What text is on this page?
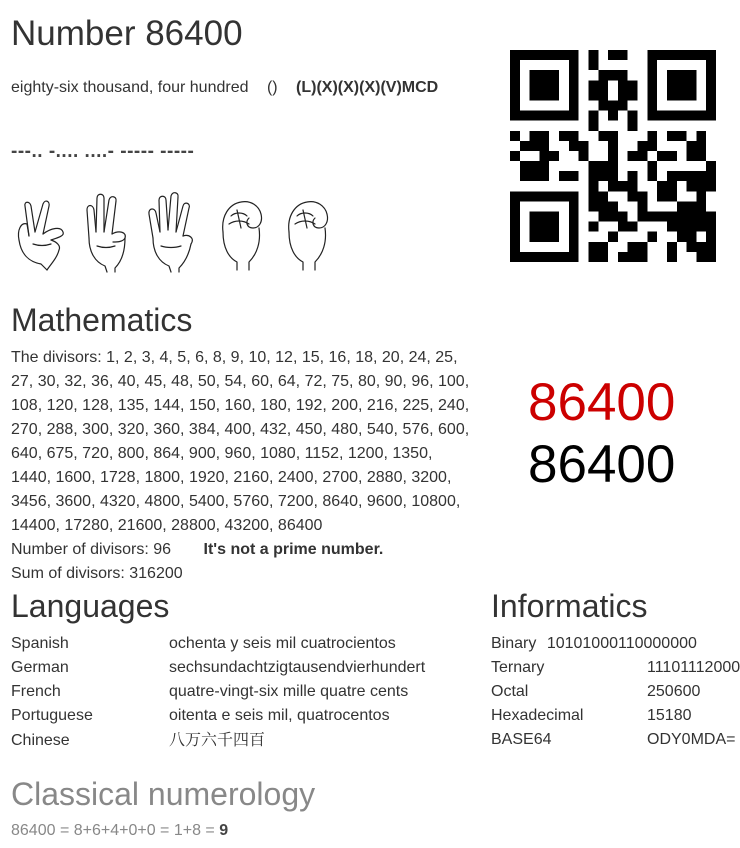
Number 86400
eighty-six thousand, four hundred () (L)(X)(X)(X)(V)MCD
---.. -.... ....- ----- -----
Mathematics
The divisors: 1, 2, 3, 4, 5, 6, 8, 9, 10, 12, 15, 16, 18, 20, 24, 25,
27, 30, 32, 36, 40, 45, 48, 50, 54, 60, 64, 72, 75, 80, 90, 96, 100,
108, 120, 128, 135, 144, 150, 160, 180, 192, 200, 216, 225, 240,
270, 288, 300, 320, 360, 384, 400, 432, 450, 480, 540, 576, 600,
640, 675, 720, 800, 864, 900, 960, 1080, 1152, 1200, 1350,
1440, 1600, 1728, 1800, 1920, 2160, 2400, 2700, 2880, 3200,
3456, 3600, 4320, 4800, 5400, 5760, 7200, 8640, 9600, 10800,
14400, 17280, 21600, 28800, 43200, 86400
Number of divisors: 96 It's not a prime number.
Sum of divisors: 316200
86400
86400
Languages
Spanish	ochenta y seis mil cuatrocientos
German	sechsundachtzigtausendvierhundert
French	quatre-vingt-six mille quatre cents
Portuguese	oitenta e seis mil, quatrocentos
Chinese	八万六千四百
Informatics
Binary 10101000110000000
Ternary	11101112000
Octal	250600
Hexadecimal	15180
BASE64	ODY0MDA=
Classical numerology
86400 = 8+6+4+0+0 = 1+8 = 9
